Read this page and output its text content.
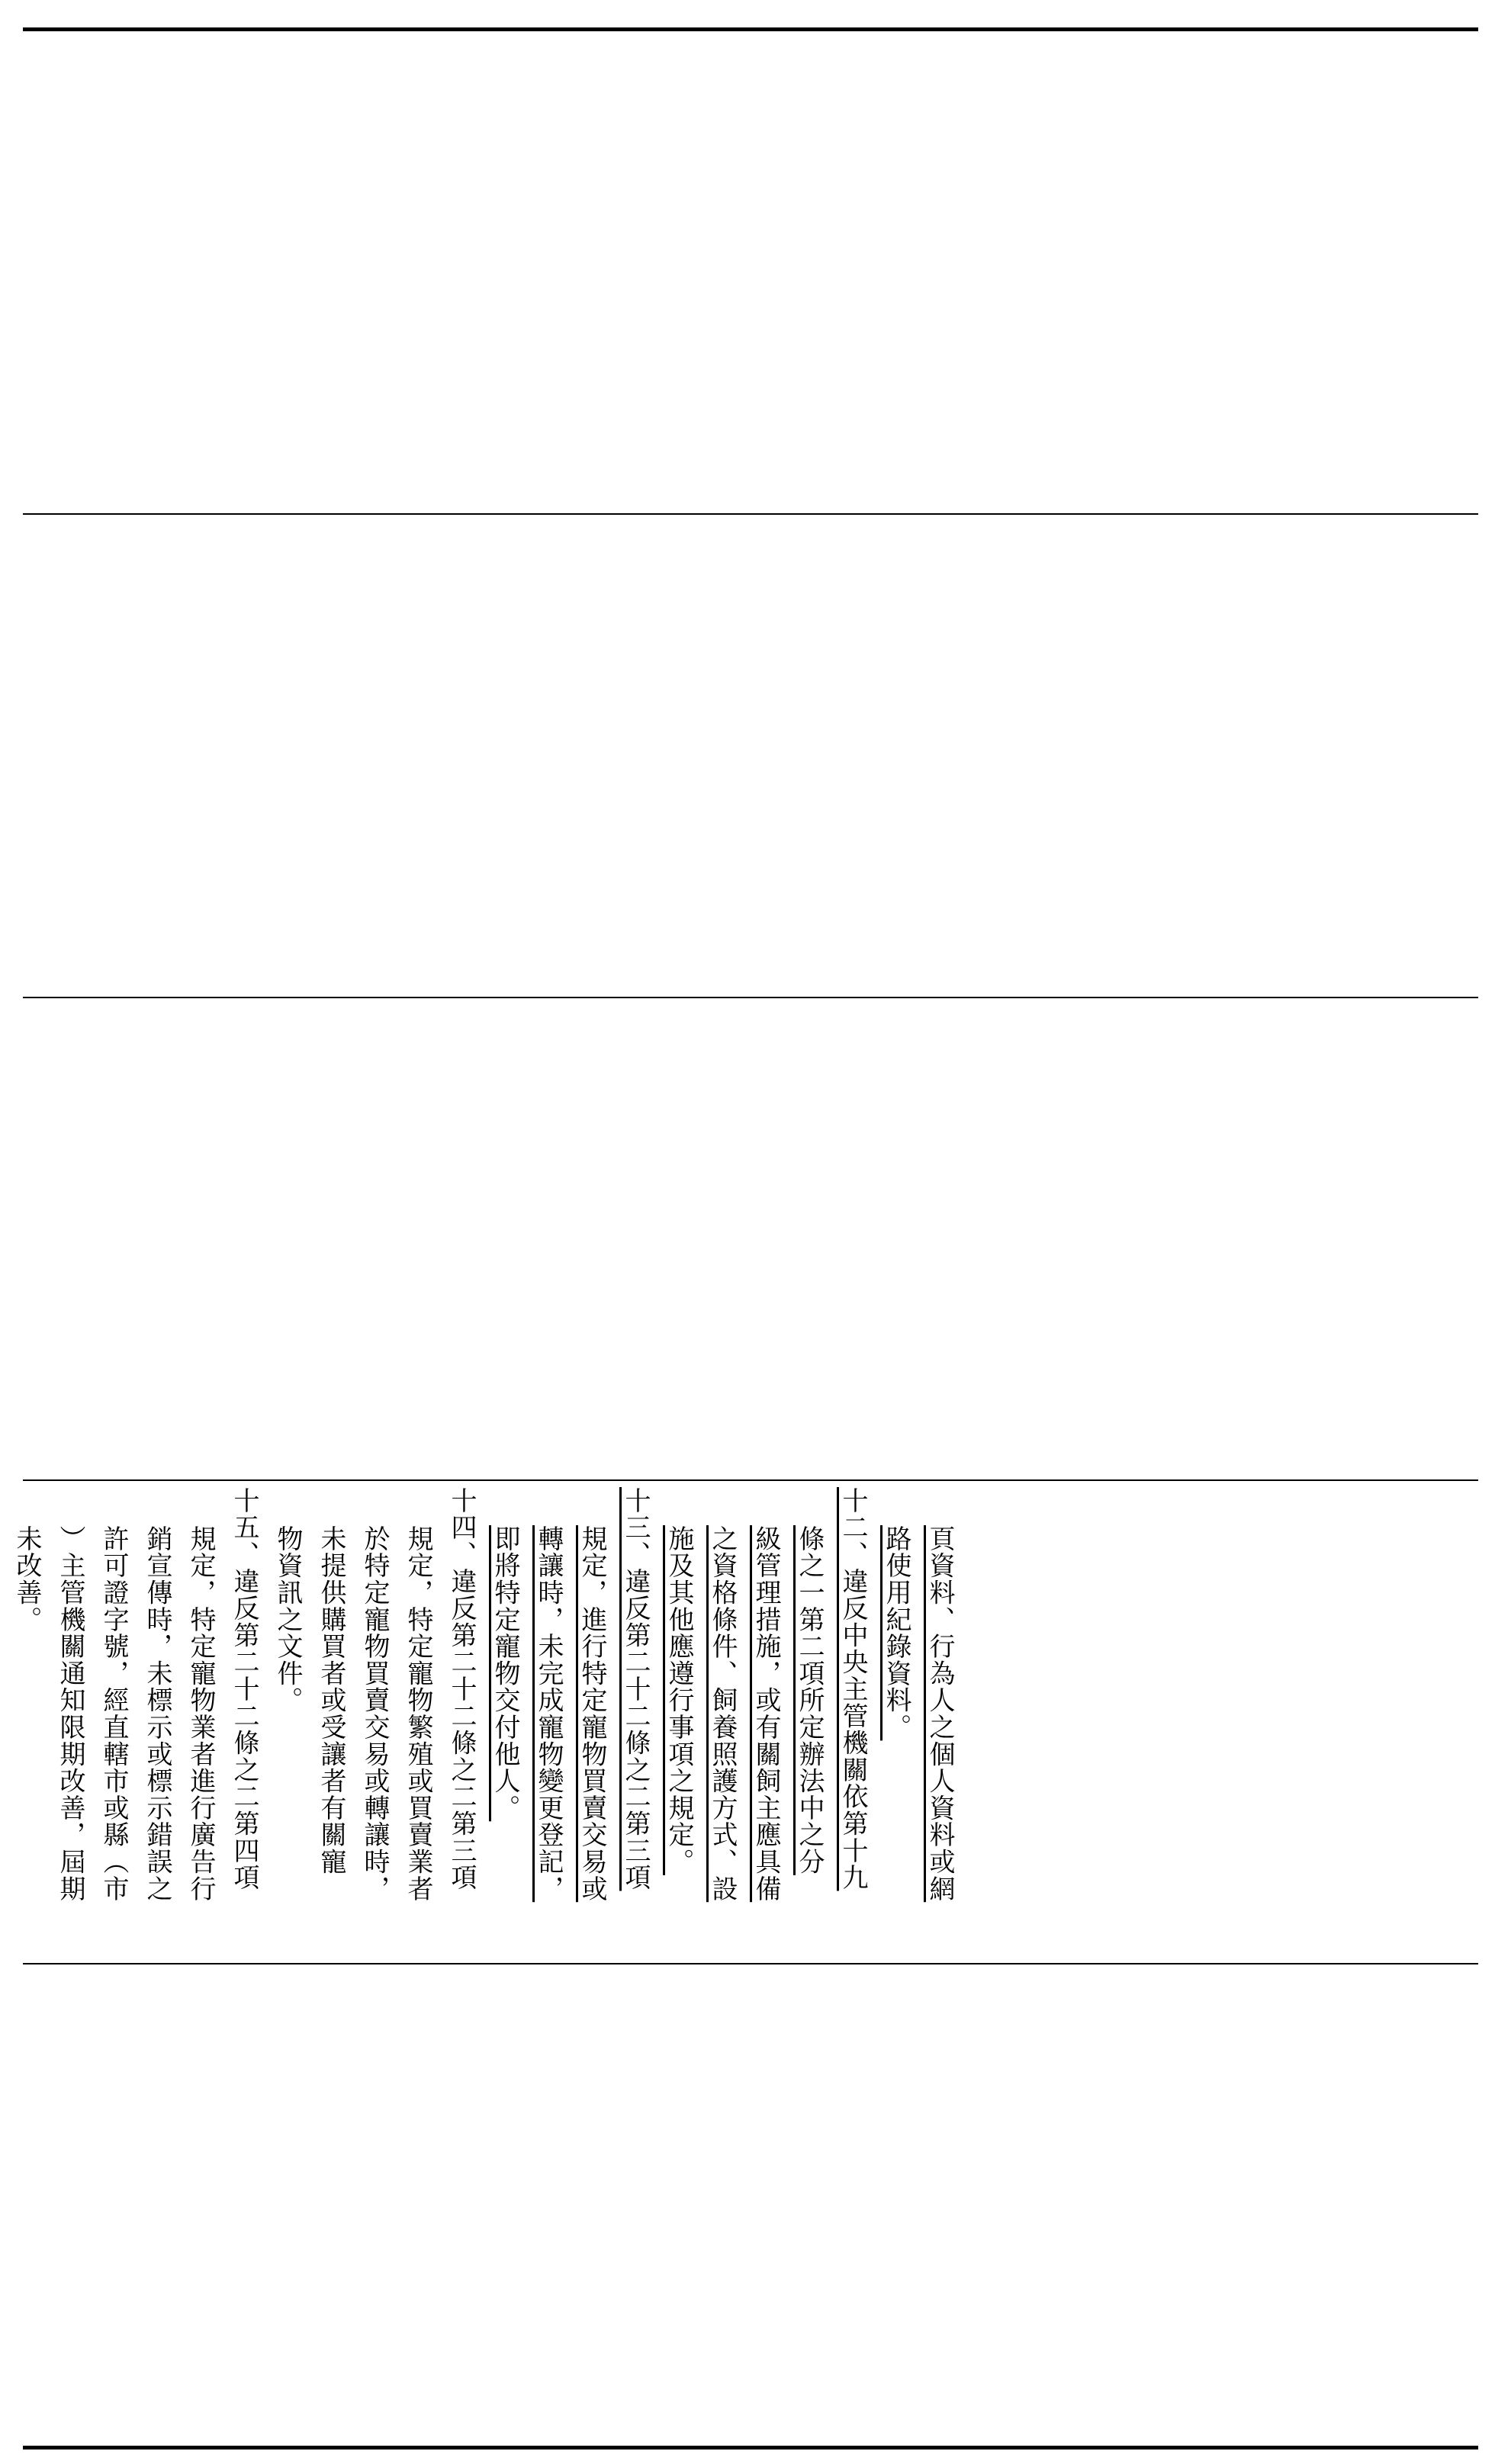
頁資料、行為人之個人資料或網
路使用紀錄資料。
十二、違反中央主管機關依第十九
條之一第二項所定辦法中之分
級管理措施，或有關飼主應具備
之資格條件、飼養照護方式、設
施及其他應遵行事項之規定。
十三、違反第二十二條之二第三項
規定，進行特定寵物買賣交易或
轉讓時，未完成寵物變更登記，
即將特定寵物交付他人。
十四、違反第二十二條之二第三項
規定，特定寵物繁殖或買賣業者
於特定寵物買賣交易或轉讓時，
未提供購買者或受讓者有關寵
物資訊之文件。
十五、違反第二十二條之二第四項
規定，特定寵物業者進行廣告行
銷宣傳時，未標示或標示錯誤之
許可證字號，經直轄市或縣（市
）主管機關通知限期改善，屆期
未改善。
